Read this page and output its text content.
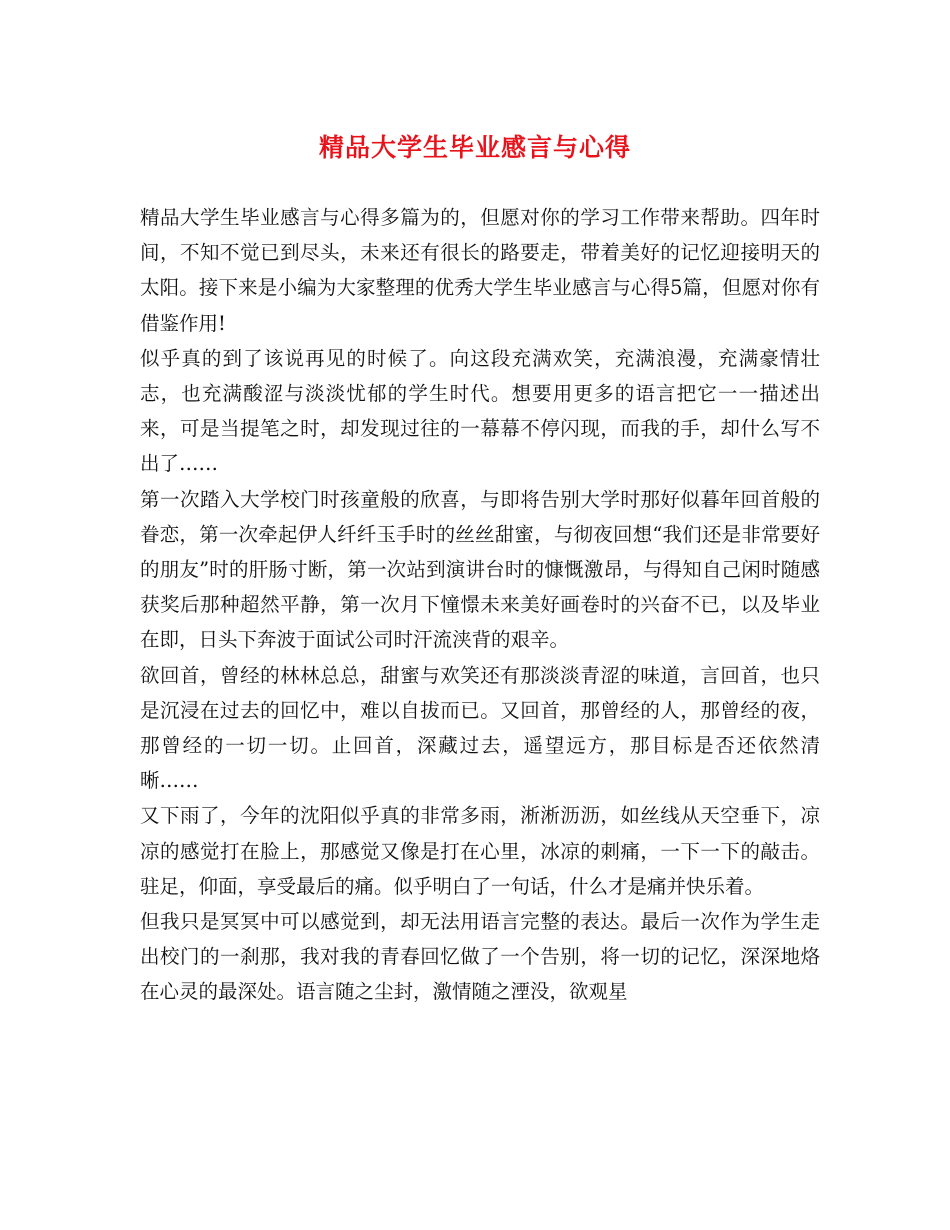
精品大学生毕业感言与心得

精品大学生毕业感言与心得多篇为的，但愿对你的学习工作带来帮助。四年时间，不知不觉已到尽头，未来还有很长的路要走，带着美好的记忆迎接明天的太阳。接下来是小编为大家整理的优秀大学生毕业感言与心得5篇，但愿对你有借鉴作用!

似乎真的到了该说再见的时候了。向这段充满欢笑，充满浪漫，充满豪情壮志，也充满酸涩与淡淡忧郁的学生时代。想要用更多的语言把它一一描述出来，可是当提笔之时，却发现过往的一幕幕不停闪现，而我的手，却什么写不出了……

第一次踏入大学校门时孩童般的欣喜，与即将告别大学时那好似暮年回首般的眷恋，第一次牵起伊人纤纤玉手时的丝丝甜蜜，与彻夜回想“我们还是非常要好的朋友”时的肝肠寸断，第一次站到演讲台时的慷慨激昂，与得知自己闲时随感获奖后那种超然平静，第一次月下憧憬未来美好画卷时的兴奋不已，以及毕业在即，日头下奔波于面试公司时汗流浃背的艰辛。

欲回首，曾经的林林总总，甜蜜与欢笑还有那淡淡青涩的味道，言回首，也只是沉浸在过去的回忆中，难以自拔而已。又回首，那曾经的人，那曾经的夜，那曾经的一切一切。止回首，深藏过去，遥望远方，那目标是否还依然清晰……

又下雨了，今年的沈阳似乎真的非常多雨，淅淅沥沥，如丝线从天空垂下，凉凉的感觉打在脸上，那感觉又像是打在心里，冰凉的刺痛，一下一下的敲击。驻足，仰面，享受最后的痛。似乎明白了一句话，什么才是痛并快乐着。

但我只是冥冥中可以感觉到，却无法用语言完整的表达。最后一次作为学生走出校门的一刹那，我对我的青春回忆做了一个告别，将一切的记忆，深深地烙在心灵的最深处。语言随之尘封，激情随之湮没，欲观星
